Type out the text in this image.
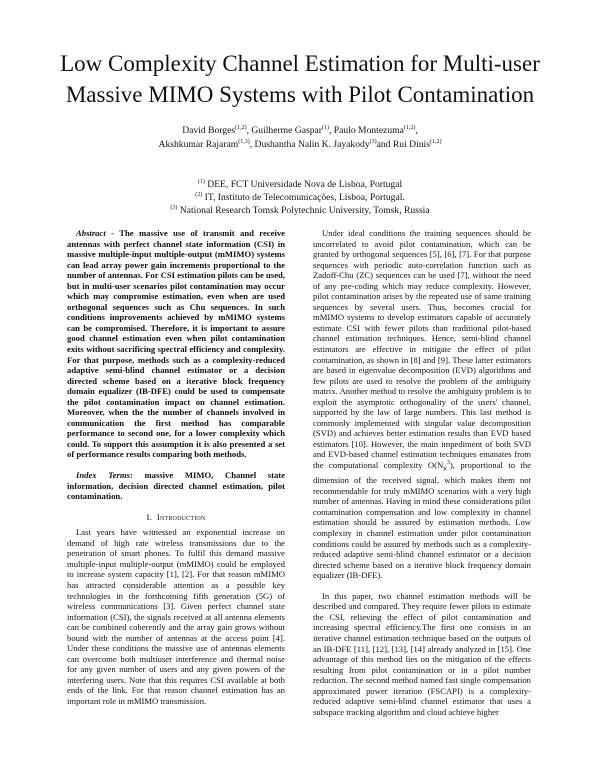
Low Complexity Channel Estimation for Multi-user
Massive MIMO Systems with Pilot Contamination
David Borges$^{(1,2)}$, Guilherme Gaspar$^{(1)}$, Paulo Montezuma$^{(1,2)}$,
Akshkumar Rajaram$^{(1,3)}$, Dushantha Nalin K. Jayakody$^{(3)}$and Rui Dinis$^{(1,2)}$
$^{(1)}$ DEE, FCT Universidade Nova de Lisboa, Portugal
$^{(2)}$ IT, Instituto de Telecomunicações, Lisboa, Portugal.
$^{(3)}$ National Research Tomsk Polytechnic University, Tomsk, Russia

Abstract - The massive use of transmit and receive antennas with perfect channel state information (CSI) in massive multiple-input multiple-output (mMIMO) systems can lead array power gain increments proportional to the number of antennas. For CSI estimation pilots can be used, but in multi-user scenarios pilot contamination may occur which may compromise estimation, even when are used orthogonal sequences such as Chu sequences. In such conditions improvements achieved by mMIMO systems can be compromised. Therefore, it is important to assure good channel estimation even when pilot contamination exits without sacrificing spectral efficiency and complexity. For that purpose, methods such as a complexity-reduced adaptive semi-blind channel estimator or a decision directed scheme based on a iterative block frequency domain equalizer (IB-DFE) could be used to compensate the pilot contamination impact on channel estimation. Moreover, when the the number of channels involved in communication the first method has comparable performance to second one, for a lower complexity which could. To support this assumption it is also presented a set of performance results comparing both methods.

Index Terms: massive MIMO, Channel state information, decision directed channel estimation, pilot contamination.

I. Introduction

Last years have witnessed an exponential increase on demand of high rate wireless transmissions due to the penetration of smart phones. To fulfil this demand massive multiple-input multiple-output (mMIMO) could be employed to increase system capacity [1], [2]. For that reason mMIMO has attracted considerable attention as a possible key technologies in the forthcoming fifth generation (5G) of wireless communications [3]. Given perfect channel state information (CSI), the signals received at all antenna elements can be combined coherently and the array gain grows without bound with the number of antennas at the access point [4]. Under these conditions the massive use of antennas elements can overcome both multiuser interference and thermal noise for any given number of users and any given powers of the interfering users. Note that this requires CSI available at both ends of the link. For that reason channel estimation has an important role in mMIMO transmission.

Under ideal conditions the training sequences should be uncorrelated to avoid pilot contamination, which can be granted by orthogonal sequences [5], [6], [7]. For that purpose sequences with periodic auto-correlation function such as Zadoff-Chu (ZC) sequences can be used [7], without the need of any pre-coding which may reduce complexity. However, pilot contamination arises by the repeated use of same training sequences by several users. Thus, becomes crucial for mMIMO systems to develop estimators capable of accurately estimate CSI with fewer pilots than traditional pilot-based channel estimation techniques. Hence, semi-blind channel estimators are effective in mitigate the effect of pilot contamination, as shown in [8] and [9]. These latter estimators are based in eigenvalue decomposition (EVD) algorithms and few pilots are used to resolve the problem of the ambiguity matrix. Another method to resolve the ambiguity problem is to exploit the asymptotic orthogonality of the users' channel, supported by the law of large numbers. This last method is commonly implemented with singular value decomposition (SVD) and achieves better estimation results than EVD based estimators [10]. However, the main impediment of both SVD and EVD-based channel estimation techniques emanates from the computational complexity $O(N_R^3)$, proportional to the dimension of the received signal, which makes them not recommendable for truly mMIMO scenarios with a very high number of antennas. Having in mind these considerations pilot contamination compensation and low complexity in channel estimation should be assured by estimation methods. Low complexity in channel estimation under pilot contamination conditions could be assured by methods such as a complexity-reduced adaptive semi-blind channel estimator or a decision directed scheme based on a iterative block frequency domain equalizer (IB-DFE).

In this paper, two channel estimation methods will be described and compared. They require fewer pilots to estimate the CSI, relieving the effect of pilot contamination and increasing spectral efficiency.The first one consists in an iterative channel estimation technique based on the outputs of an IB-DFE [11], [12], [13], [14] already analyzed in [15]. One advantage of this method lies on the mitigation of the effects resulting from pilot contamination or in a pilot number reduction. The second method named fast single compensation approximated power iteration (FSCAPI) is a complexity-reduced adaptive semi-blind channel estimator that uses a subspace tracking algorithm and cloud achieve higher
